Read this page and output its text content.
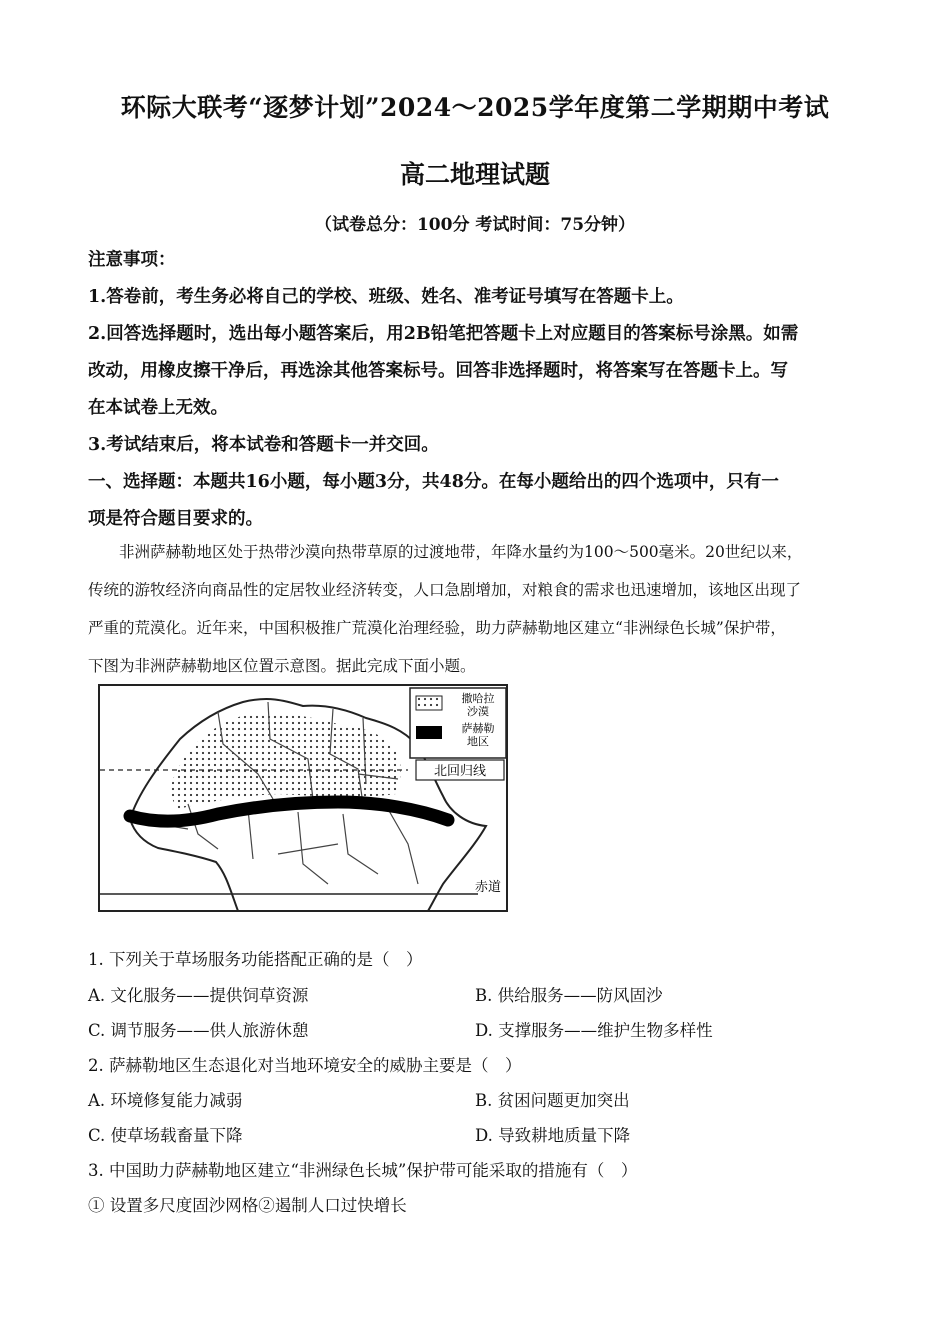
环际大联考“逐梦计划”2024～2025学年度第二学期期中考试
高二地理试题
（试卷总分：100分 考试时间：75分钟）
注意事项：
1.答卷前，考生务必将自己的学校、班级、姓名、准考证号填写在答题卡上。
2.回答选择题时，选出每小题答案后，用2B铅笔把答题卡上对应题目的答案标号涂黑。如需
改动，用橡皮擦干净后，再选涂其他答案标号。回答非选择题时，将答案写在答题卡上。写
在本试卷上无效。
3.考试结束后，将本试卷和答题卡一并交回。
一、选择题：本题共16小题，每小题3分，共48分。在每小题给出的四个选项中，只有一
项是符合题目要求的。
　　非洲萨赫勒地区处于热带沙漠向热带草原的过渡地带，年降水量约为100～500毫米。20世纪以来，
传统的游牧经济向商品性的定居牧业经济转变，人口急剧增加，对粮食的需求也迅速增加，该地区出现了
严重的荒漠化。近年来，中国积极推广荒漠化治理经验，助力萨赫勒地区建立“非洲绿色长城”保护带，
下图为非洲萨赫勒地区位置示意图。据此完成下面小题。
撒哈拉
沙漠
萨赫勒
地区
北回归线
赤道
1. 下列关于草场服务功能搭配正确的是（　）
A. 文化服务——提供饲草资源	B. 供给服务——防风固沙
C. 调节服务——供人旅游休憩	D. 支撑服务——维护生物多样性
2. 萨赫勒地区生态退化对当地环境安全的威胁主要是（　）
A. 环境修复能力减弱	B. 贫困问题更加突出
C. 使草场载畜量下降	D. 导致耕地质量下降
3. 中国助力萨赫勒地区建立“非洲绿色长城”保护带可能采取的措施有（　）
① 设置多尺度固沙网格②遏制人口过快增长
